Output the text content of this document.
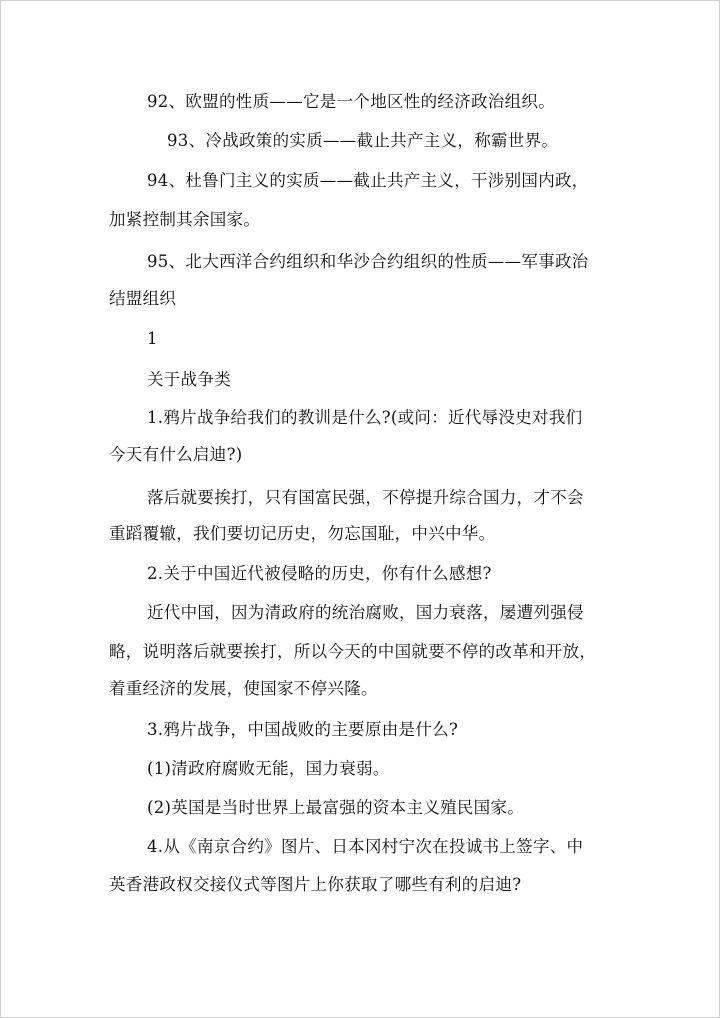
92、欧盟的性质——它是一个地区性的经济政治组织。
93、冷战政策的实质——截止共产主义，称霸世界。
94、杜鲁门主义的实质——截止共产主义，干涉别国内政，
加紧控制其余国家。
95、北大西洋合约组织和华沙合约组织的性质——军事政治
结盟组织
1
关于战争类
1.鸦片战争给我们的教训是什么?(或问：近代辱没史对我们
今天有什么启迪?)
落后就要挨打，只有国富民强，不停提升综合国力，才不会
重蹈覆辙，我们要切记历史，勿忘国耻，中兴中华。
2.关于中国近代被侵略的历史，你有什么感想?
近代中国，因为清政府的统治腐败，国力衰落，屡遭列强侵
略，说明落后就要挨打，所以今天的中国就要不停的改革和开放，
着重经济的发展，使国家不停兴隆。
3.鸦片战争，中国战败的主要原由是什么?
(1)清政府腐败无能，国力衰弱。
(2)英国是当时世界上最富强的资本主义殖民国家。
4.从《南京合约》图片、日本冈村宁次在投诚书上签字、中
英香港政权交接仪式等图片上你获取了哪些有利的启迪?
